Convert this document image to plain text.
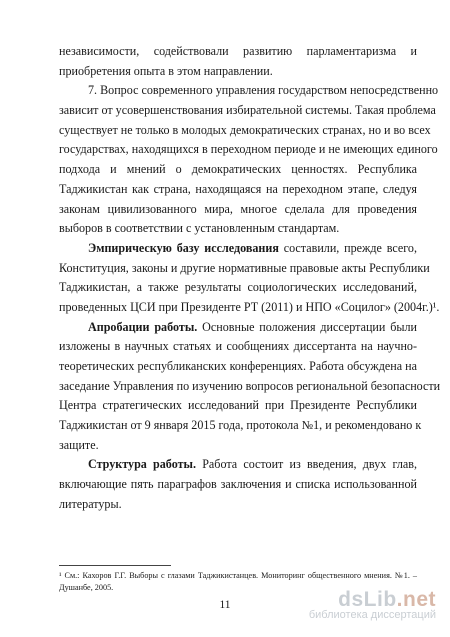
независимости, содействовали развитию парламентаризма и
приобретения опыта в этом направлении.
7. Вопрос современного управления государством непосредственно
зависит от усовершенствования избирательной системы. Такая проблема
существует не только в молодых демократических странах, но и во всех
государствах, находящихся в переходном периоде и не имеющих единого
подхода и мнений о демократических ценностях. Республика
Таджикистан как страна, находящаяся на переходном этапе, следуя
законам цивилизованного мира, многое сделала для проведения
выборов в соответствии с установленным стандартам.
Эмпирическую базу исследования составили, прежде всего,
Конституция, законы и другие нормативные правовые акты Республики
Таджикистан, а также результаты социологических исследований,
проведенных ЦСИ при Президенте РТ (2011) и НПО «Социлог» (2004г.)¹.
Апробации работы. Основные положения диссертации были
изложены в научных статьях и сообщениях диссертанта на научно-
теоретических республиканских конференциях. Работа обсуждена на
заседание Управления по изучению вопросов региональной безопасности
Центра стратегических исследований при Президенте Республики
Таджикистан от 9 января 2015 года, протокола №1, и рекомендовано к
защите.
Структура работы. Работа состоит из введения, двух глав,
включающие пять параграфов заключения и списка использованной
литературы.
¹ См.: Кахоров Г.Г. Выборы с глазами Таджикистанцев. Мониторинг общественного мнения. №1. –
Душанбе, 2005.
11	dsLib.net
библиотека диссертаций
